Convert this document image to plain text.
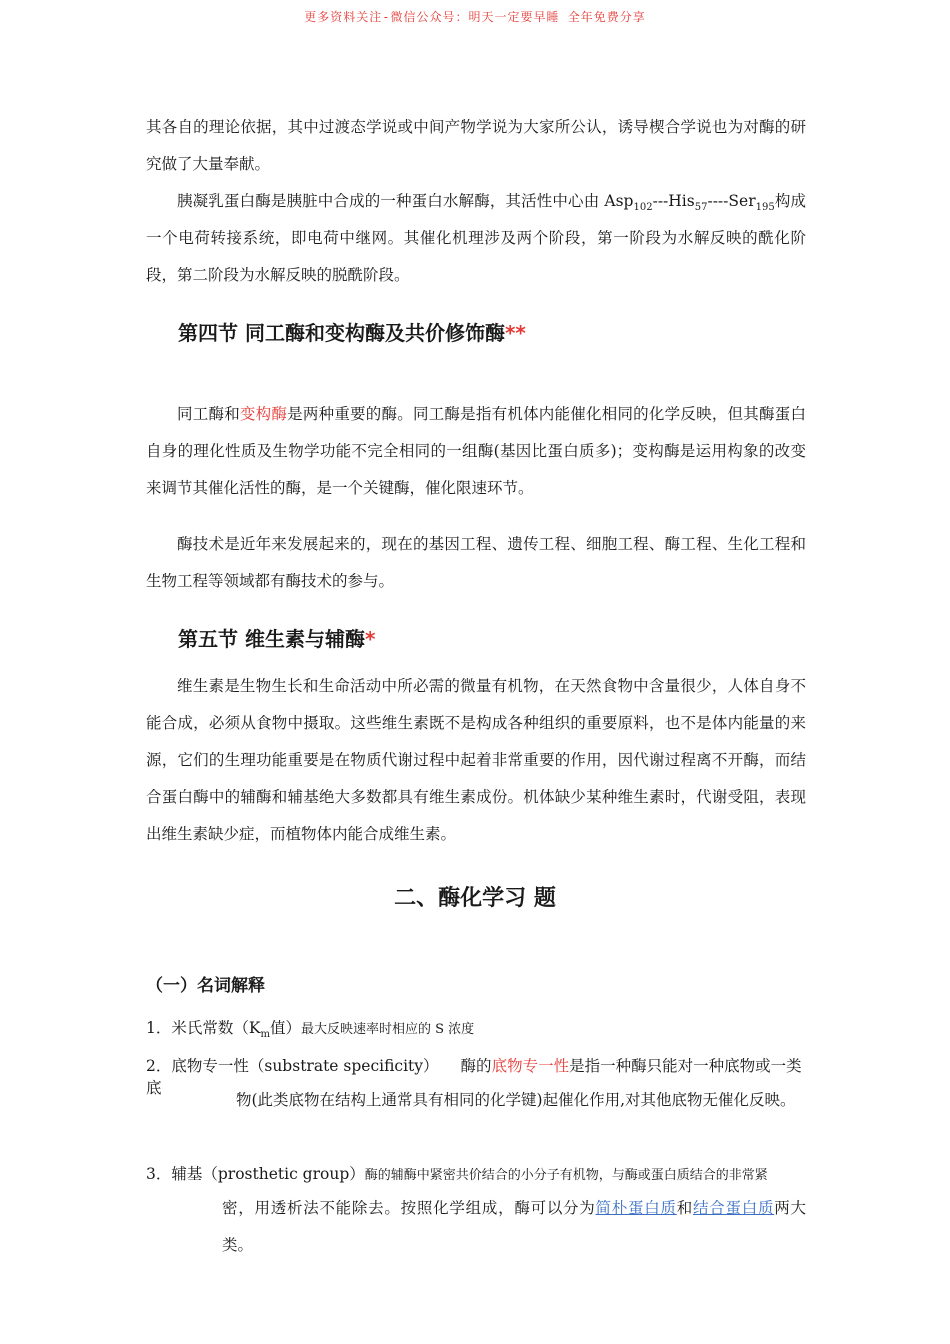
更多资料关注-微信公众号：明天一定要早睡 全年免费分享

其各自的理论依据，其中过渡态学说或中间产物学说为大家所公认，诱导楔合学说也为对酶的研究做了大量奉献。

胰凝乳蛋白酶是胰脏中合成的一种蛋白水解酶，其活性中心由 Asp$_{102}$---His$_{57}$----Ser$_{195}$构成一个电荷转接系统，即电荷中继网。其催化机理涉及两个阶段，第一阶段为水解反映的酰化阶段，第二阶段为水解反映的脱酰阶段。

第四节 同工酶和变构酶及共价修饰酶**

同工酶和变构酶是两种重要的酶。同工酶是指有机体内能催化相同的化学反映，但其酶蛋白自身的理化性质及生物学功能不完全相同的一组酶(基因比蛋白质多)；变构酶是运用构象的改变来调节其催化活性的酶，是一个关键酶，催化限速环节。

酶技术是近年来发展起来的，现在的基因工程、遗传工程、细胞工程、酶工程、生化工程和生物工程等领域都有酶技术的参与。

第五节 维生素与辅酶*

维生素是生物生长和生命活动中所必需的微量有机物，在天然食物中含量很少，人体自身不能合成，必须从食物中摄取。这些维生素既不是构成各种组织的重要原料，也不是体内能量的来源，它们的生理功能重要是在物质代谢过程中起着非常重要的作用，因代谢过程离不开酶，而结合蛋白酶中的辅酶和辅基绝大多数都具有维生素成份。机体缺少某种维生素时，代谢受阻，表现出维生素缺少症，而植物体内能合成维生素。

二、酶化学习 题
（一）名词解释

1．米氏常数（$K_m$值）最大反映速率时相应的 S 浓度

2．底物专一性（substrate specificity） 酶的底物专一性是指一种酶只能对一种底物或一类底

物(此类底物在结构上通常具有相同的化学键)起催化作用,对其他底物无催化反映。

3．辅基（prosthetic group）酶的辅酶中紧密共价结合的小分子有机物，与酶或蛋白质结合的非常紧

密，用透析法不能除去。按照化学组成，酶可以分为简朴蛋白质和结合蛋白质两大类。
